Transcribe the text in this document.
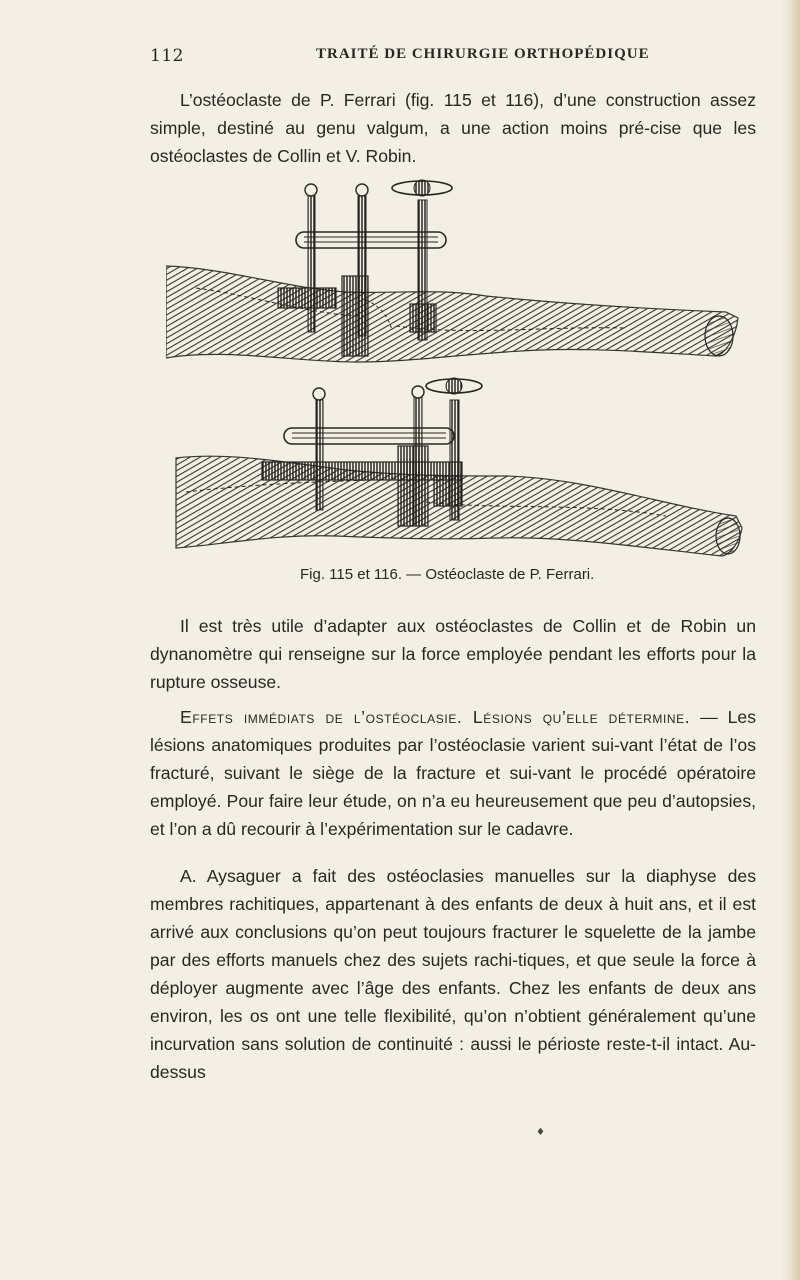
112	TRAITÉ DE CHIRURGIE ORTHOPÉDIQUE

L’ostéoclaste de P. Ferrari (fig. 115 et 116), d’une construction assez simple, destiné au genu valgum, a une action moins pré-cise que les ostéoclastes de Collin et V. Robin.

Fig. 115 et 116. — Ostéoclaste de P. Ferrari.

Il est très utile d’adapter aux ostéoclastes de Collin et de Robin un dynanomètre qui renseigne sur la force employée pendant les efforts pour la rupture osseuse.

Effets immédiats de l’ostéoclasie. Lésions qu’elle détermine. — Les lésions anatomiques produites par l’ostéoclasie varient sui-vant l’état de l’os fracturé, suivant le siège de la fracture et sui-vant le procédé opératoire employé. Pour faire leur étude, on n’a eu heureusement que peu d’autopsies, et l’on a dû recourir à l’expérimentation sur le cadavre.

A. Aysaguer a fait des ostéoclasies manuelles sur la diaphyse des membres rachitiques, appartenant à des enfants de deux à huit ans, et il est arrivé aux conclusions qu’on peut toujours fracturer le squelette de la jambe par des efforts manuels chez des sujets rachi-tiques, et que seule la force à déployer augmente avec l’âge des enfants. Chez les enfants de deux ans environ, les os ont une telle flexibilité, qu’on n’obtient généralement qu’une incurvation sans solution de continuité : aussi le périoste reste-t-il intact. Au-dessus

♦
